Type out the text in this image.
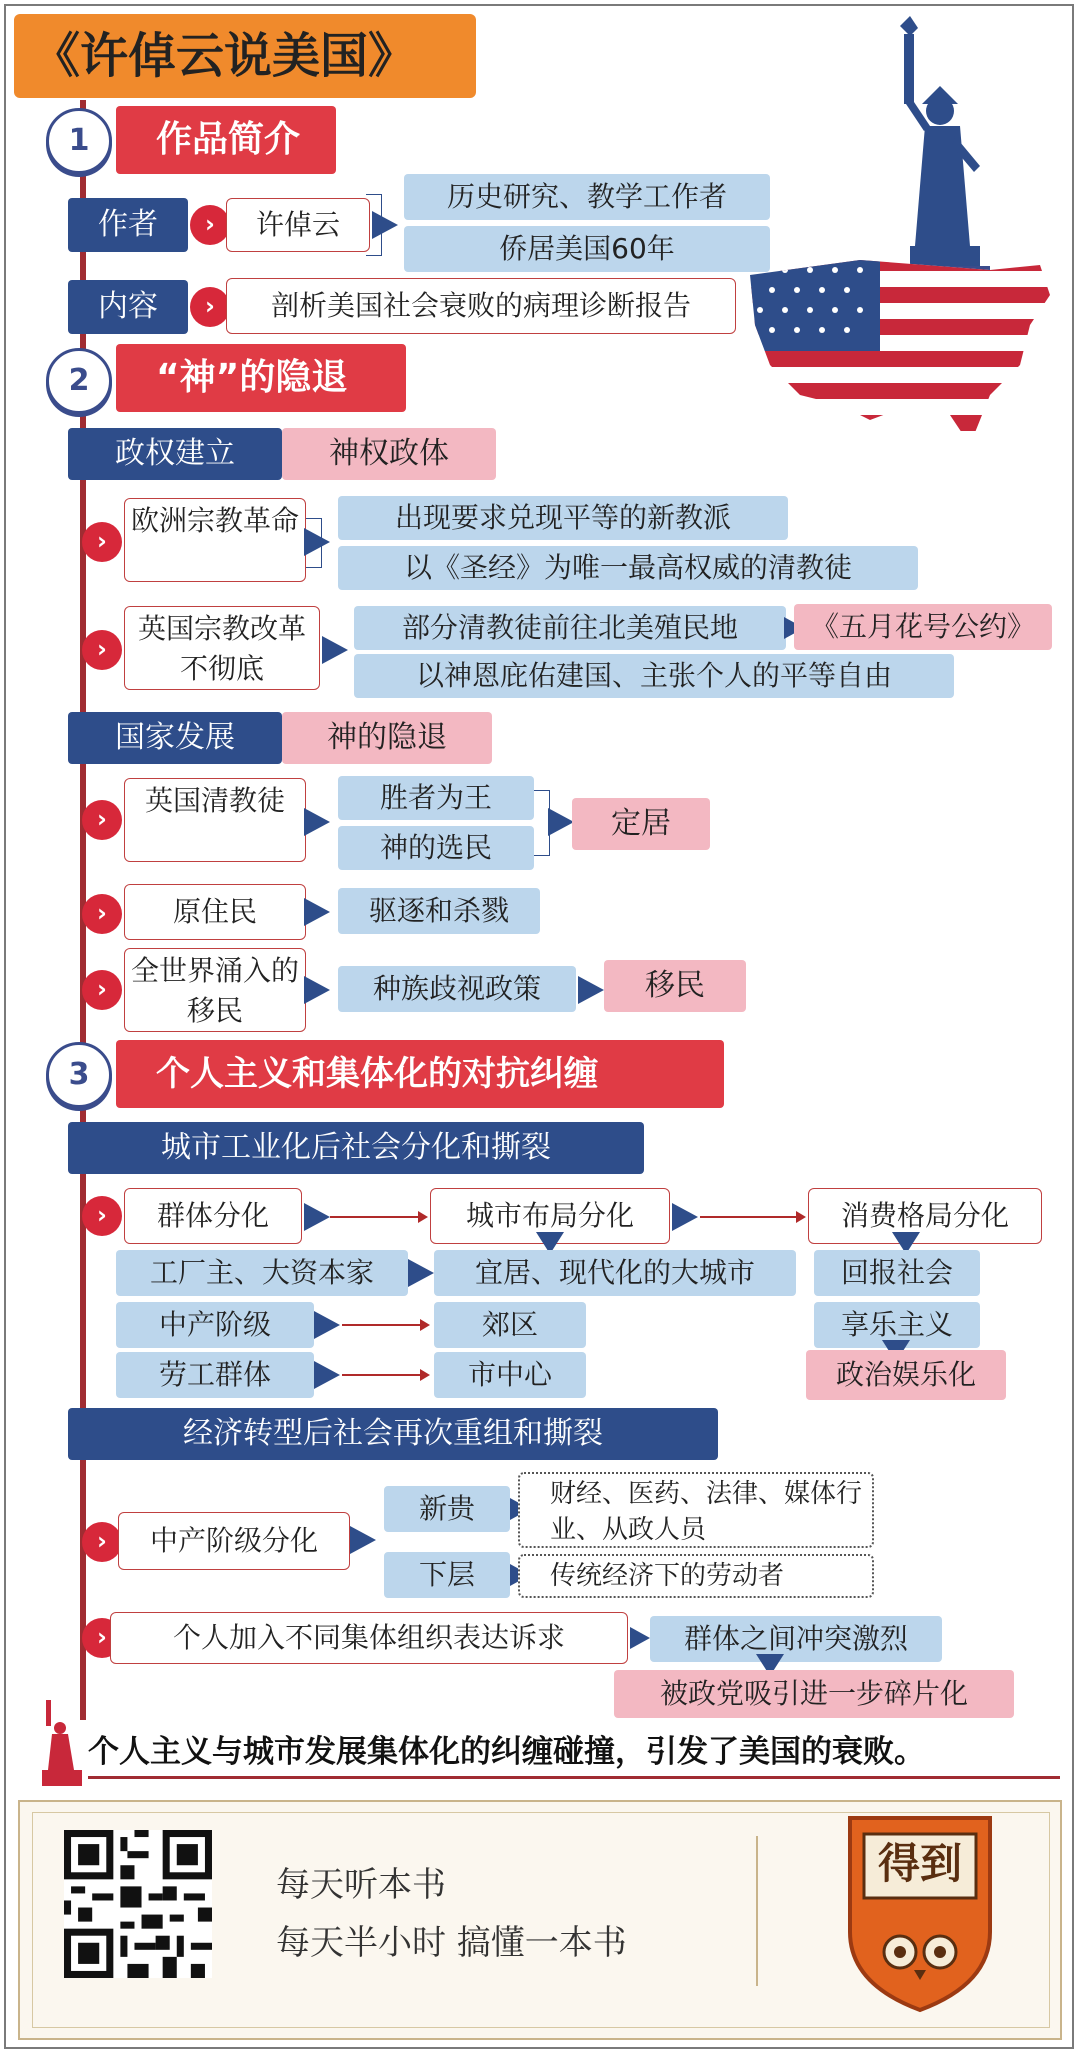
《许倬云说美国》
1	作品简介
作者	›	许倬云
历史研究、教学工作者
侨居美国60年
内容	›	剖析美国社会衰败的病理诊断报告
2	“神”的隐退
政权建立	神权政体
›
欧洲宗教革命	出现要求兑现平等的新教派
以《圣经》为唯一最高权威的清教徒
›
英国宗教改革不彻底
部分清教徒前往北美殖民地	《五月花号公约》
以神恩庇佑建国、主张个人的平等自由
国家发展	神的隐退
›
英国清教徒	胜者为王
神的选民
定居
›	原住民	驱逐和杀戮
›
全世界涌入的移民
种族歧视政策	移民
3	个人主义和集体化的对抗纠缠
城市工业化后社会分化和撕裂
›	群体分化	城市布局分化	消费格局分化
工厂主、大资本家	宜居、现代化的大城市	回报社会
中产阶级	郊区	享乐主义
劳工群体	市中心	政治娱乐化
经济转型后社会再次重组和撕裂
›	中产阶级分化
新贵	财经、医药、法律、媒体行业、从政人员
下层	传统经济下的劳动者
›	个人加入不同集体组织表达诉求	群体之间冲突激烈
被政党吸引进一步碎片化
个人主义与城市发展集体化的纠缠碰撞，引发了美国的衰败。
每天听本书
每天半小时 搞懂一本书
得到
